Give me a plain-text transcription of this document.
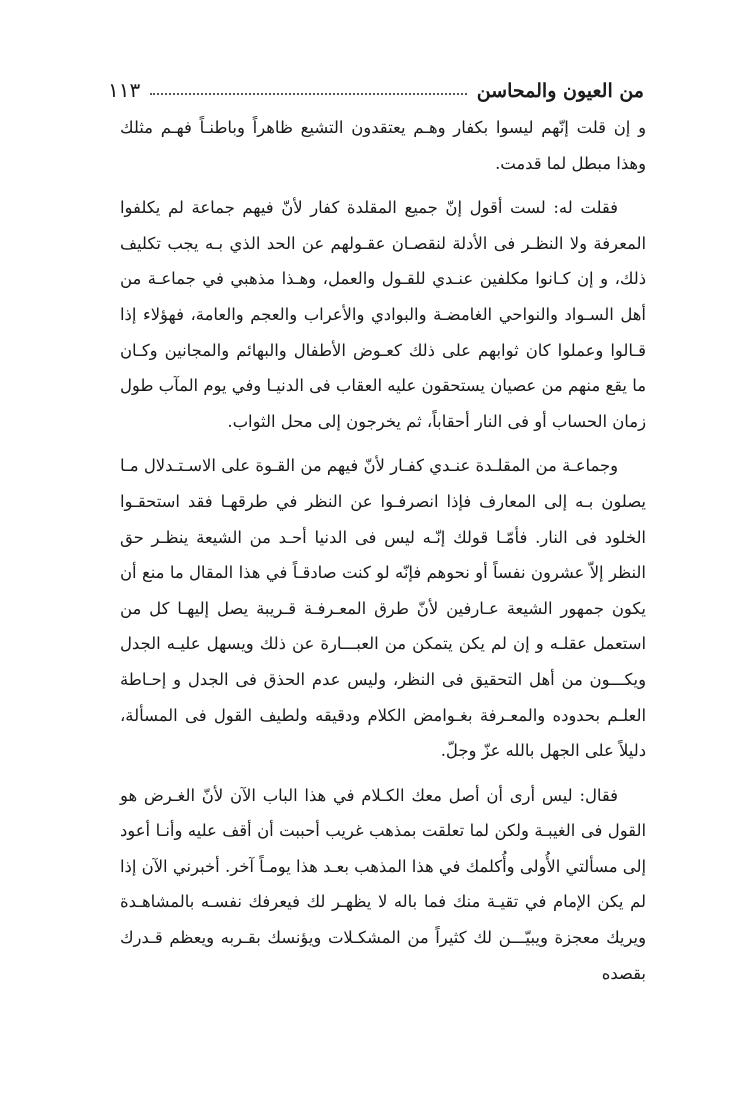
من العيون والمحاسن
١١٣

و إن قلت إنّهم ليسوا بكفار وهـم يعتقدون التشيع ظاهراً وباطنـاً فهـم مثلك وهذا مبطل لما قدمت.

فقلت له: لست أقول إنّ جميع المقلدة كفار لأنّ فيهم جماعة لم يكلفوا المعرفة ولا النظـر فى الأدلة لنقصـان عقـولهم عن الحد الذي بـه يجب تكليف ذلك، و إن كـانوا مكلفين عنـدي للقـول والعمل، وهـذا مذهبي في جماعـة من أهل السـواد والنواحي الغامضـة والبوادي والأعراب والعجم والعامة، فهؤلاء إذا قـالوا وعملوا كان ثوابهم على ذلك كعـوض الأطفال والبهائم والمجانين وكـان ما يقع منهم من عصيان يستحقون عليه العقاب فى الدنيـا وفي يوم المآب طول زمان الحساب أو فى النار أحقاباً، ثم يخرجون إلى محل الثواب.

وجماعـة من المقلـدة عنـدي كفـار لأنّ فيهم من القـوة على الاسـتـدلال مـا يصلون بـه إلى المعارف فإذا انصرفـوا عن النظر في طرقهـا فقد استحقـوا الخلود فى النار. فأمّـا قولك إنّـه ليس فى الدنيا أحـد من الشيعة ينظـر حق النظر إلاّ عشرون نفساً أو نحوهم فإنّه لو كنت صادقـاً في هذا المقال ما منع أن يكون جمهور الشيعة عـارفين لأنّ طرق المعـرفـة قـريبة يصل إليهـا كل من استعمل عقلـه و إن لم يكن يتمكن من العبـــارة عن ذلك ويسهل عليـه الجدل ويكـــون من أهل التحقيق فى النظر، وليس عدم الحذق فى الجدل و إحـاطة العلـم بحدوده والمعـرفة بغـوامض الكلام ودقيقه ولطيف القول فى المسألة، دليلاً على الجهل بالله عزّ وجلّ.

فقال: ليس أرى أن أصل معك الكـلام في هذا الباب الآن لأنّ الغـرض هو القول فى الغيبـة ولكن لما تعلقت بمذهب غريب أحببت أن أقف عليه وأنـا أعود إلى مسألتي الأُولى وأُكلمك في هذا المذهب بعـد هذا يومـاً آخر. أخبرني الآن إذا لم يكن الإمام في تقيـة منك فما باله لا يظهـر لك فيعرفك نفسـه بالمشاهـدة ويريك معجزة ويبيّـــن لك كثيراً من المشكـلات ويؤنسك بقـربه ويعظم قـدرك بقصده
